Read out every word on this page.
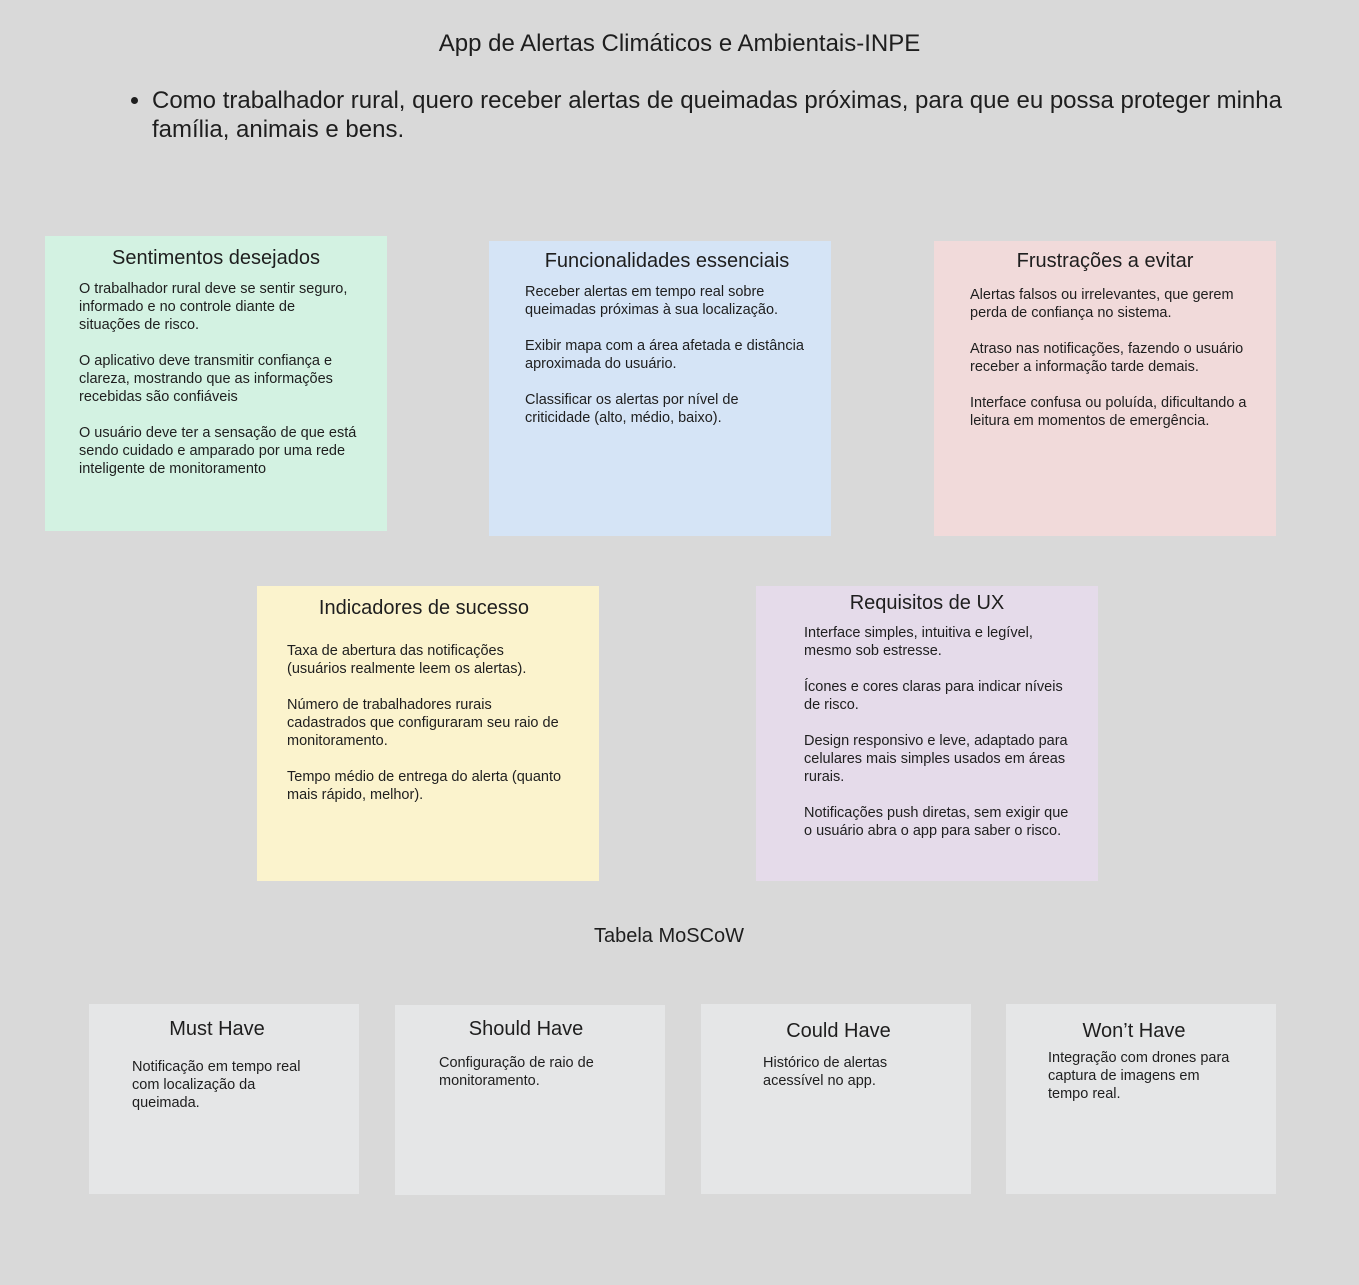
App de Alertas Climáticos e Ambientais-INPE
• Como trabalhador rural, quero receber alertas de queimadas próximas, para que eu possa proteger minha família, animais e bens.
Sentimentos desejados

O trabalhador rural deve se sentir seguro, informado e no controle diante de situações de risco.

O aplicativo deve transmitir confiança e clareza, mostrando que as informações recebidas são confiáveis

O usuário deve ter a sensação de que está sendo cuidado e amparado por uma rede inteligente de monitoramento

Funcionalidades essenciais

Receber alertas em tempo real sobre queimadas próximas à sua localização.

Exibir mapa com a área afetada e distância aproximada do usuário.

Classificar os alertas por nível de criticidade (alto, médio, baixo).

Frustrações a evitar

Alertas falsos ou irrelevantes, que gerem perda de confiança no sistema.

Atraso nas notificações, fazendo o usuário receber a informação tarde demais.

Interface confusa ou poluída, dificultando a leitura em momentos de emergência.

Indicadores de sucesso

Taxa de abertura das notificações (usuários realmente leem os alertas).

Número de trabalhadores rurais cadastrados que configuraram seu raio de monitoramento.

Tempo médio de entrega do alerta (quanto mais rápido, melhor).

Requisitos de UX

Interface simples, intuitiva e legível, mesmo sob estresse.

Ícones e cores claras para indicar níveis de risco.

Design responsivo e leve, adaptado para celulares mais simples usados em áreas rurais.

Notificações push diretas, sem exigir que o usuário abra o app para saber o risco.

Tabela MoSCoW
Must Have
Notificação em tempo real com localização da queimada.
Should Have
Configuração de raio de monitoramento.
Could Have
Histórico de alertas acessível no app.
Won’t Have
Integração com drones para captura de imagens em tempo real.
